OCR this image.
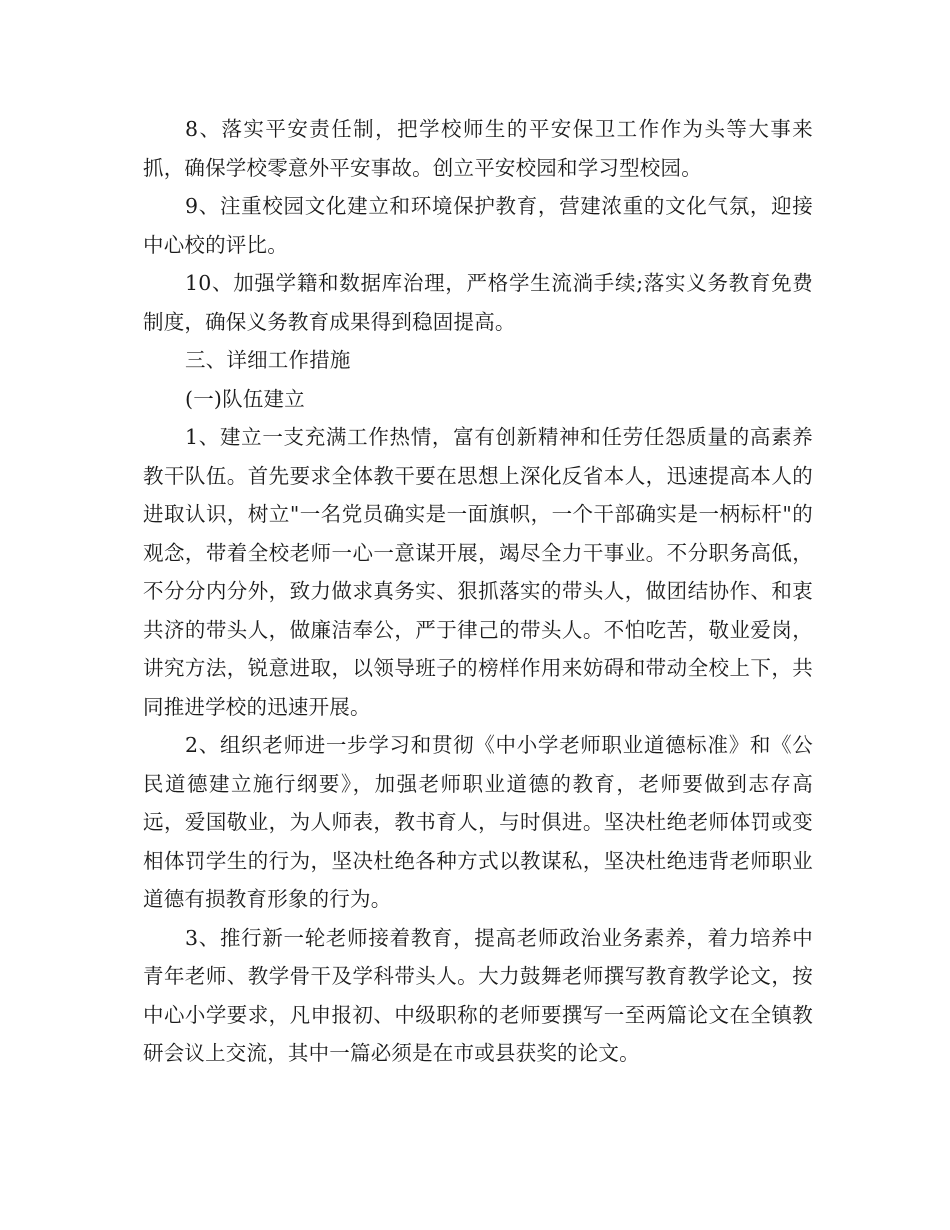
8、落实平安责任制，把学校师生的平安保卫工作作为头等大事来抓，确保学校零意外平安事故。创立平安校园和学习型校园。

9、注重校园文化建立和环境保护教育，营建浓重的文化气氛，迎接中心校的评比。

10、加强学籍和数据库治理，严格学生流淌手续;落实义务教育免费制度，确保义务教育成果得到稳固提高。

三、详细工作措施

(一)队伍建立

1、建立一支充满工作热情，富有创新精神和任劳任怨质量的高素养教干队伍。首先要求全体教干要在思想上深化反省本人，迅速提高本人的进取认识，树立"一名党员确实是一面旗帜，一个干部确实是一柄标杆"的观念，带着全校老师一心一意谋开展，竭尽全力干事业。不分职务高低，不分分内分外，致力做求真务实、狠抓落实的带头人，做团结协作、和衷共济的带头人，做廉洁奉公，严于律己的带头人。不怕吃苦，敬业爱岗，讲究方法，锐意进取，以领导班子的榜样作用来妨碍和带动全校上下，共同推进学校的迅速开展。

2、组织老师进一步学习和贯彻《中小学老师职业道德标准》和《公民道德建立施行纲要》，加强老师职业道德的教育，老师要做到志存高远，爱国敬业，为人师表，教书育人，与时俱进。坚决杜绝老师体罚或变相体罚学生的行为，坚决杜绝各种方式以教谋私，坚决杜绝违背老师职业道德有损教育形象的行为。

3、推行新一轮老师接着教育，提高老师政治业务素养，着力培养中青年老师、教学骨干及学科带头人。大力鼓舞老师撰写教育教学论文，按中心小学要求，凡申报初、中级职称的老师要撰写一至两篇论文在全镇教研会议上交流，其中一篇必须是在市或县获奖的论文。
